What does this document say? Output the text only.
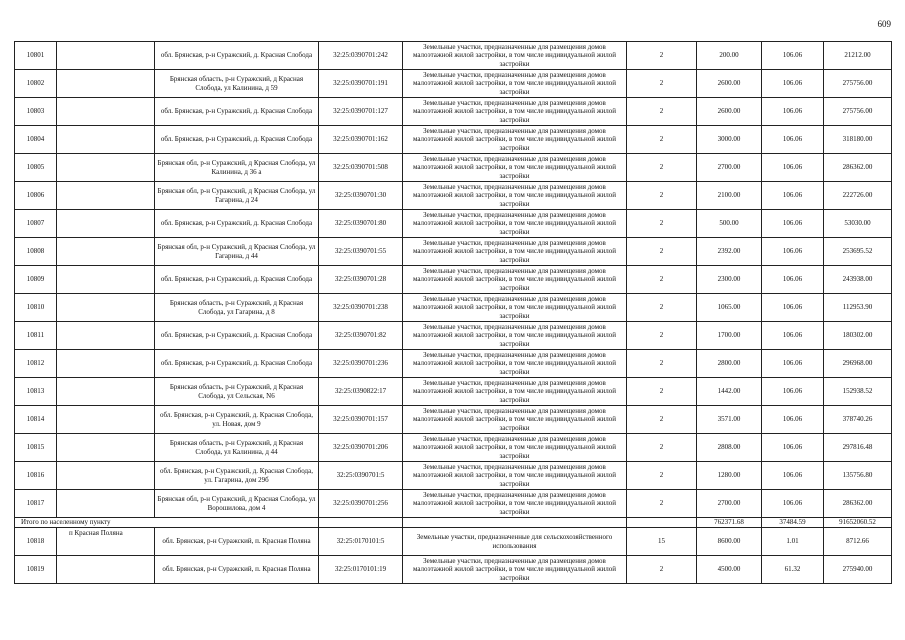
609
10801		обл. Брянская, р-н Суражский, д. Красная Слобода	32:25:0390701:242	Земельные участки, предназначенные для размещения домов малоэтажной жилой застройки, в том числе индивидуальной жилой застройки	2	200.00	106.06	21212.00
10802		Брянская область, р-н Суражский, д Красная Слобода, ул Калинина, д 59	32:25:0390701:191	Земельные участки, предназначенные для размещения домов малоэтажной жилой застройки, в том числе индивидуальной жилой застройки	2	2600.00	106.06	275756.00
10803		обл. Брянская, р-н Суражский, д. Красная Слобода	32:25:0390701:127	Земельные участки, предназначенные для размещения домов малоэтажной жилой застройки, в том числе индивидуальной жилой застройки	2	2600.00	106.06	275756.00
10804		обл. Брянская, р-н Суражский, д. Красная Слобода	32:25:0390701:162	Земельные участки, предназначенные для размещения домов малоэтажной жилой застройки, в том числе индивидуальной жилой застройки	2	3000.00	106.06	318180.00
10805		Брянская обл, р-н Суражский, д Красная Слобода, ул Калинина, д 36 а	32:25:0390701:508	Земельные участки, предназначенные для размещения домов малоэтажной жилой застройки, в том числе индивидуальной жилой застройки	2	2700.00	106.06	286362.00
10806		Брянская обл, р-н Суражский, д Красная Слобода, ул Гагарина, д 24	32:25:0390701:30	Земельные участки, предназначенные для размещения домов малоэтажной жилой застройки, в том числе индивидуальной жилой застройки	2	2100.00	106.06	222726.00
10807		обл. Брянская, р-н Суражский, д. Красная Слобода	32:25:0390701:80	Земельные участки, предназначенные для размещения домов малоэтажной жилой застройки, в том числе индивидуальной жилой застройки	2	500.00	106.06	53030.00
10808		Брянская обл, р-н Суражский, д Красная Слобода, ул Гагарина, д 44	32:25:0390701:55	Земельные участки, предназначенные для размещения домов малоэтажной жилой застройки, в том числе индивидуальной жилой застройки	2	2392.00	106.06	253695.52
10809		обл. Брянская, р-н Суражский, д. Красная Слобода	32:25:0390701:28	Земельные участки, предназначенные для размещения домов малоэтажной жилой застройки, в том числе индивидуальной жилой застройки	2	2300.00	106.06	243938.00
10810		Брянская область, р-н Суражский, д Красная Слобода, ул Гагарина, д 8	32:25:0390701:238	Земельные участки, предназначенные для размещения домов малоэтажной жилой застройки, в том числе индивидуальной жилой застройки	2	1065.00	106.06	112953.90
10811		обл. Брянская, р-н Суражский, д. Красная Слобода	32:25:0390701:82	Земельные участки, предназначенные для размещения домов малоэтажной жилой застройки, в том числе индивидуальной жилой застройки	2	1700.00	106.06	180302.00
10812		обл. Брянская, р-н Суражский, д. Красная Слобода	32:25:0390701:236	Земельные участки, предназначенные для размещения домов малоэтажной жилой застройки, в том числе индивидуальной жилой застройки	2	2800.00	106.06	296968.00
10813		Брянская область, р-н Суражский, д Красная Слобода, ул Сельская, N6	32:25:0390822:17	Земельные участки, предназначенные для размещения домов малоэтажной жилой застройки, в том числе индивидуальной жилой застройки	2	1442.00	106.06	152938.52
10814		обл. Брянская, р-н Суражский, д. Красная Слобода, ул. Новая, дом 9	32:25:0390701:157	Земельные участки, предназначенные для размещения домов малоэтажной жилой застройки, в том числе индивидуальной жилой застройки	2	3571.00	106.06	378740.26
10815		Брянская область, р-н Суражский, д Красная Слобода, ул Калинина, д 44	32:25:0390701:206	Земельные участки, предназначенные для размещения домов малоэтажной жилой застройки, в том числе индивидуальной жилой застройки	2	2808.00	106.06	297816.48
10816		обл. Брянская, р-н Суражский, д. Красная Слобода, ул. Гагарина, дом 29б	32:25:0390701:5	Земельные участки, предназначенные для размещения домов малоэтажной жилой застройки, в том числе индивидуальной жилой застройки	2	1280.00	106.06	135756.80
10817		Брянская обл, р-н Суражский, д Красная Слобода, ул Ворошилова, дом 4	32:25:0390701:256	Земельные участки, предназначенные для размещения домов малоэтажной жилой застройки, в том числе индивидуальной жилой застройки	2	2700.00	106.06	286362.00
Итого по населенному пункту						762371.68	37484.59	91652060.52
10818	п Красная Поляна	обл. Брянская, р-н Суражский, п. Красная Поляна	32:25:0170101:5	Земельные участки, предназначенные для сельскохозяйственного использования	15	8600.00	1.01	8712.66
10819		обл. Брянская, р-н Суражский, п. Красная Поляна	32:25:0170101:19	Земельные участки, предназначенные для размещения домов малоэтажной жилой застройки, в том числе индивидуальной жилой застройки	2	4500.00	61.32	275940.00
